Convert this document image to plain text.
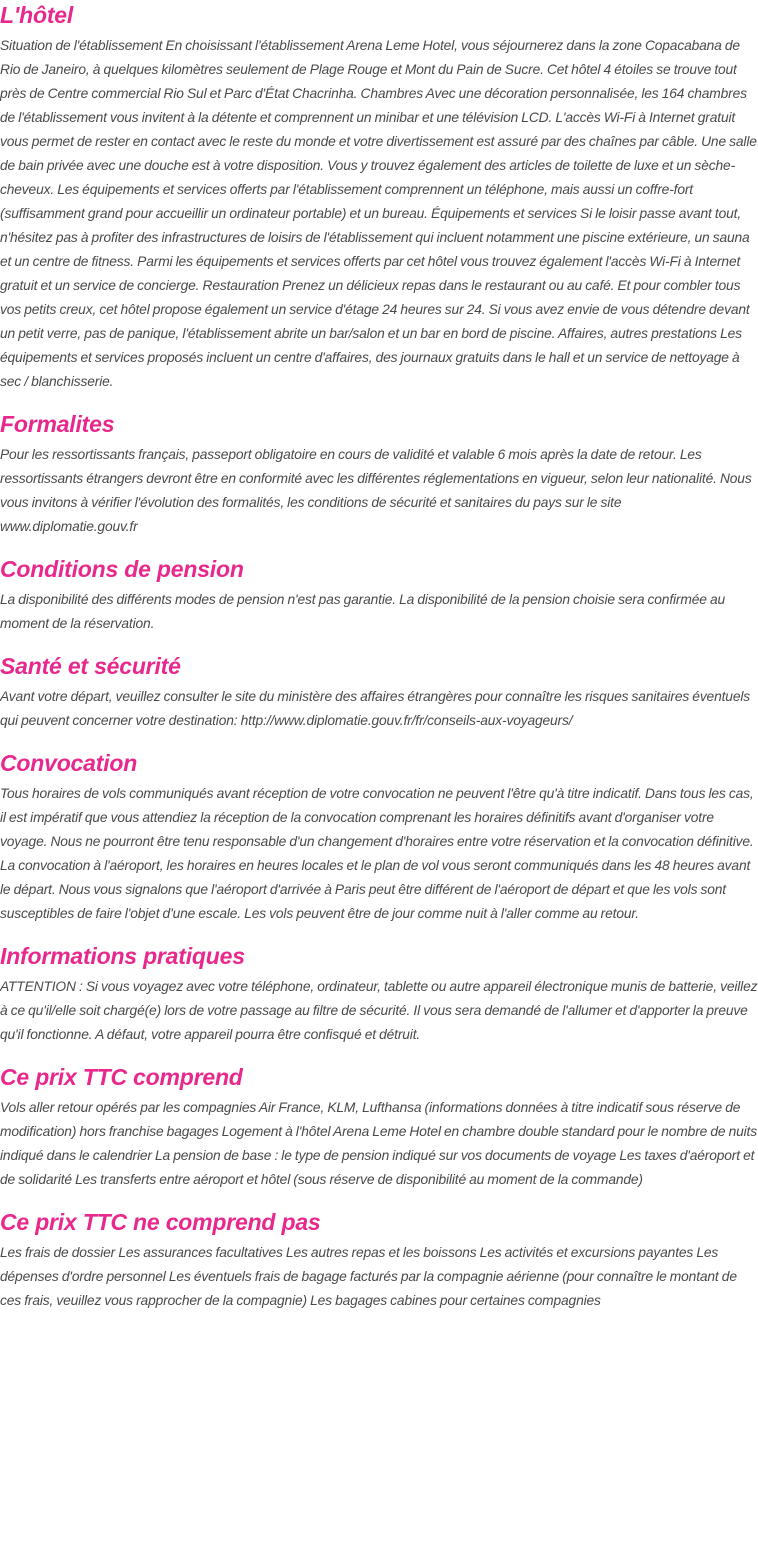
L'hôtel

Situation de l'établissement En choisissant l'établissement Arena Leme Hotel, vous séjournerez dans la zone Copacabana de Rio de Janeiro, à quelques kilomètres seulement de Plage Rouge et Mont du Pain de Sucre. Cet hôtel 4 étoiles se trouve tout près de Centre commercial Rio Sul et Parc d'État Chacrinha. Chambres Avec une décoration personnalisée, les 164 chambres de l'établissement vous invitent à la détente et comprennent un minibar et une télévision LCD. L'accès Wi-Fi à Internet gratuit vous permet de rester en contact avec le reste du monde et votre divertissement est assuré par des chaînes par câble. Une salle de bain privée avec une douche est à votre disposition. Vous y trouvez également des articles de toilette de luxe et un sèche-cheveux. Les équipements et services offerts par l'établissement comprennent un téléphone, mais aussi un coffre-fort (suffisamment grand pour accueillir un ordinateur portable) et un bureau. Équipements et services Si le loisir passe avant tout, n'hésitez pas à profiter des infrastructures de loisirs de l'établissement qui incluent notamment une piscine extérieure, un sauna et un centre de fitness. Parmi les équipements et services offerts par cet hôtel vous trouvez également l'accès Wi-Fi à Internet gratuit et un service de concierge. Restauration Prenez un délicieux repas dans le restaurant ou au café. Et pour combler tous vos petits creux, cet hôtel propose également un service d'étage 24 heures sur 24. Si vous avez envie de vous détendre devant un petit verre, pas de panique, l'établissement abrite un bar/salon et un bar en bord de piscine. Affaires, autres prestations Les équipements et services proposés incluent un centre d'affaires, des journaux gratuits dans le hall et un service de nettoyage à sec / blanchisserie.

Formalites

Pour les ressortissants français, passeport obligatoire en cours de validité et valable 6 mois après la date de retour. Les ressortissants étrangers devront être en conformité avec les différentes réglementations en vigueur, selon leur nationalité. Nous vous invitons à vérifier l'évolution des formalités, les conditions de sécurité et sanitaires du pays sur le site www.diplomatie.gouv.fr

Conditions de pension

La disponibilité des différents modes de pension n'est pas garantie. La disponibilité de la pension choisie sera confirmée au moment de la réservation.

Santé et sécurité

Avant votre départ, veuillez consulter le site du ministère des affaires étrangères pour connaître les risques sanitaires éventuels qui peuvent concerner votre destination: http://www.diplomatie.gouv.fr/fr/conseils-aux-voyageurs/

Convocation

Tous horaires de vols communiqués avant réception de votre convocation ne peuvent l'être qu'à titre indicatif. Dans tous les cas, il est impératif que vous attendiez la réception de la convocation comprenant les horaires définitifs avant d'organiser votre voyage. Nous ne pourront être tenu responsable d'un changement d'horaires entre votre réservation et la convocation définitive. La convocation à l'aéroport, les horaires en heures locales et le plan de vol vous seront communiqués dans les 48 heures avant le départ. Nous vous signalons que l'aéroport d'arrivée à Paris peut être différent de l'aéroport de départ et que les vols sont susceptibles de faire l'objet d'une escale. Les vols peuvent être de jour comme nuit à l'aller comme au retour.

Informations pratiques

ATTENTION : Si vous voyagez avec votre téléphone, ordinateur, tablette ou autre appareil électronique munis de batterie, veillez à ce qu'il/elle soit chargé(e) lors de votre passage au filtre de sécurité. Il vous sera demandé de l'allumer et d'apporter la preuve qu'il fonctionne. A défaut, votre appareil pourra être confisqué et détruit.

Ce prix TTC comprend

Vols aller retour opérés par les compagnies Air France, KLM, Lufthansa (informations données à titre indicatif sous réserve de modification) hors franchise bagages Logement à l'hôtel Arena Leme Hotel en chambre double standard pour le nombre de nuits indiqué dans le calendrier La pension de base : le type de pension indiqué sur vos documents de voyage Les taxes d'aéroport et de solidarité Les transferts entre aéroport et hôtel (sous réserve de disponibilité au moment de la commande)

Ce prix TTC ne comprend pas

Les frais de dossier Les assurances facultatives Les autres repas et les boissons Les activités et excursions payantes Les dépenses d'ordre personnel Les éventuels frais de bagage facturés par la compagnie aérienne (pour connaître le montant de ces frais, veuillez vous rapprocher de la compagnie) Les bagages cabines pour certaines compagnies
